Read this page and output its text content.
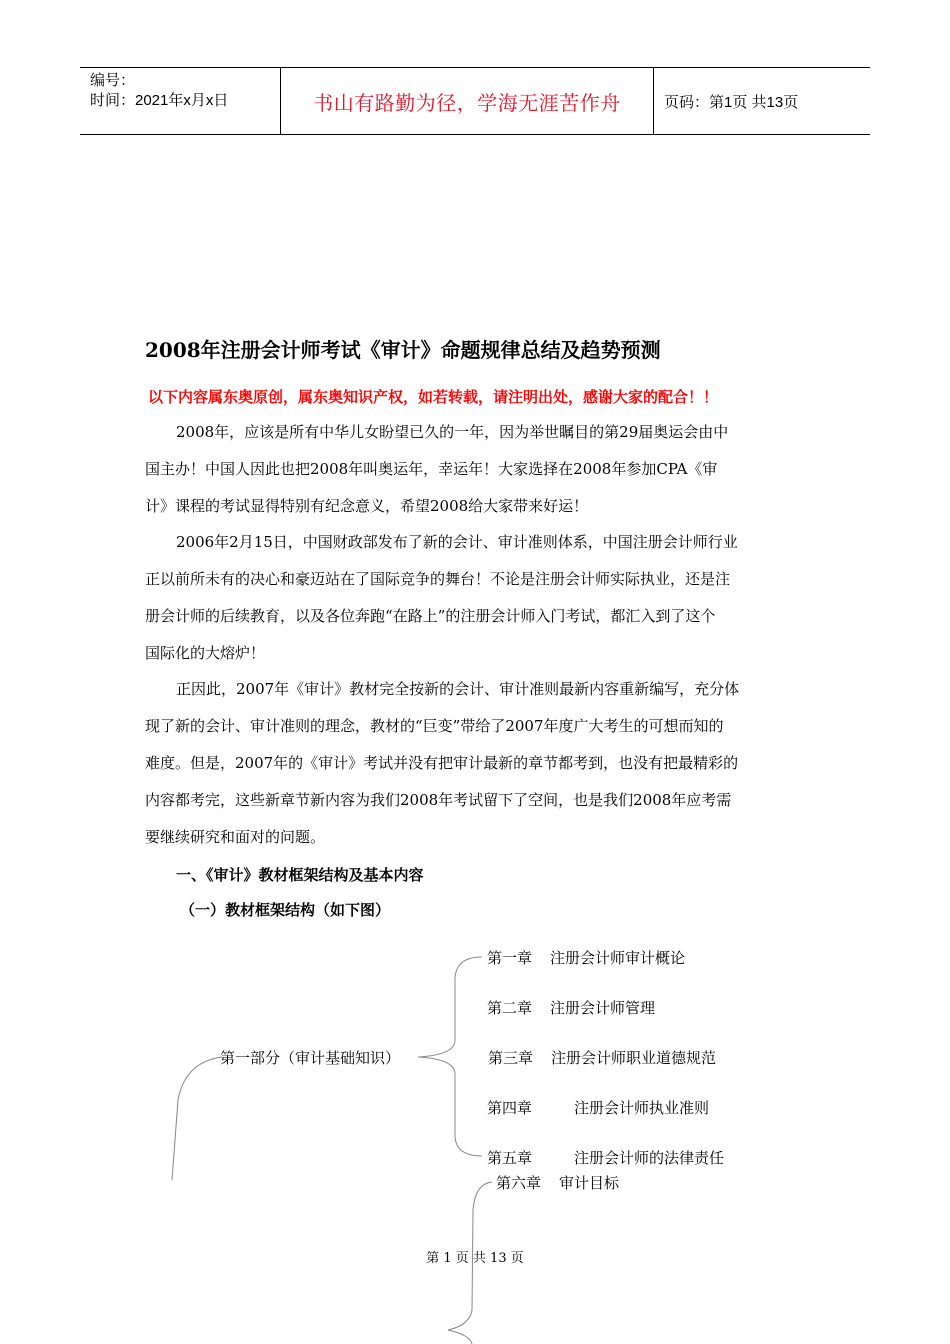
编号：
时间：2021年x月x日	书山有路勤为径，学海无涯苦作舟	页码：第1页 共13页
2008年注册会计师考试《审计》命题规律总结及趋势预测
以下内容属东奥原创，属东奥知识产权，如若转载，请注明出处，感谢大家的配合！！
2008年，应该是所有中华儿女盼望已久的一年，因为举世瞩目的第29届奥运会由中
国主办！中国人因此也把2008年叫奥运年，幸运年！大家选择在2008年参加CPA《审
计》课程的考试显得特别有纪念意义，希望2008给大家带来好运！
2006年2月15日，中国财政部发布了新的会计、审计准则体系，中国注册会计师行业
正以前所未有的决心和豪迈站在了国际竞争的舞台！不论是注册会计师实际执业，还是注
册会计师的后续教育，以及各位奔跑“在路上”的注册会计师入门考试，都汇入到了这个
国际化的大熔炉！
正因此，2007年《审计》教材完全按新的会计、审计准则最新内容重新编写，充分体
现了新的会计、审计准则的理念，教材的“巨变”带给了2007年度广大考生的可想而知的
难度。但是，2007年的《审计》考试并没有把审计最新的章节都考到，也没有把最精彩的
内容都考完，这些新章节新内容为我们2008年考试留下了空间，也是我们2008年应考需
要继续研究和面对的问题。
一、《审计》教材框架结构及基本内容
（一）教材框架结构（如下图）
第一部分（审计基础知识）
第一章 注册会计师审计概论
第二章 注册会计师管理
第三章 注册会计师职业道德规范
第四章	注册会计师执业准则
第五章	注册会计师的法律责任
第六章 审计目标
第 1 页 共 13 页
